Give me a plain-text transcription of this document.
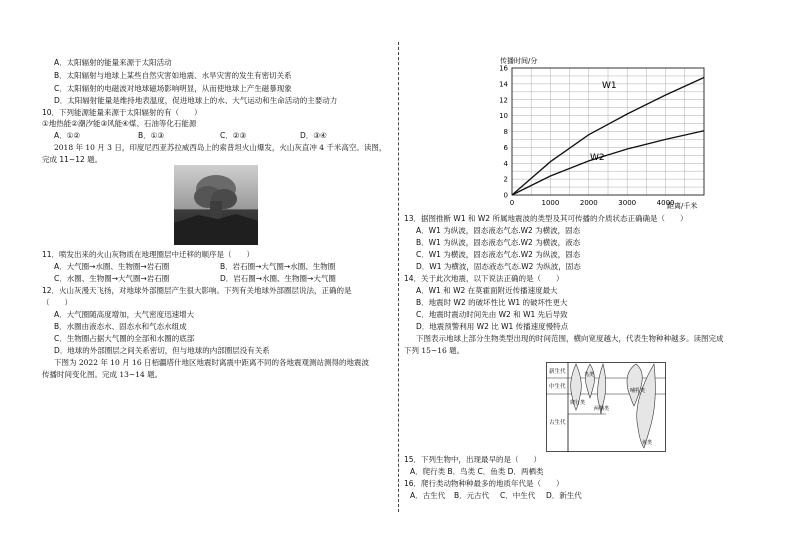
A．太阳辐射的能量来源于太阳活动
B．太阳辐射与地球上某些自然灾害如地震、水旱灾害的发生有密切关系
C．太阳辐射的电磁波对地球磁场影响明显，从而使地球上产生磁暴现象
D．太阳辐射能量是维持地表温度，促进地球上的水、大气运动和生命活动的主要动力
10．下列能源能量来源于太阳辐射的有（　　）
①地热能②潮汐能③风能④煤、石油等化石能源
A．①②	B．①③	C．②③	D．③④
2018 年 10 月 3 日，印度尼西亚苏拉威西岛上的索普坦火山爆发，火山灰直冲 4 千米高空。读图，
完成 11~12 题。
11．喷发出来的火山灰物质在地理圈层中迁移的顺序是（　　）
A．大气圈→水圈、生物圈→岩石圈	B．岩石圈→大气圈→水圈、生物圈
C．水圈、生物圈→大气圈→岩石圈	D．岩石圈→水圈、生物圈→大气圈
12．火山灰漫天飞扬，对地球外部圈层产生很大影响。下列有关地球外部圈层说法，正确的是
（　　）
A．大气圈随高度增加，大气密度迅速增大
B．水圈由液态水、固态水和气态水组成
C．生物圈占据大气圈的全部和水圈的底部
D．地球的外部圈层之间关系密切，但与地球的内部圈层没有关系
下图为 2022 年 10 月 16 日栢疆塔什地区地震时离震中距离不同的各地震观测站测得的地震波
传播时间变化图。完成 13~14 题。
传播时间/分
0
2
4
6
8
10
12
14
16
0	1000	2000	3000	4000
距离/千米
W1
W2
13．据图推断 W1 和 W2 所属地震波的类型及其可传播的介质状态正确确是（　　）
A．W1 为纵波，固态液态气态.W2 为横波，固态
B．W1 为纵波，固态液态气态.W2 为横波，液态
C．W1 为横波，固态液态气态.W2 为纵波，固态
D．W1 为横波，固态液态气态.W2 为纵波，固态
14．关于此次地震，以下说法正确的是（　　）
A．W1 和 W2 在莫霍面附近传播速度最大
B．地震时 W2 的破坏性比 W1 的破坏性更大
C．地震时震动时间先由 W2 和 W1 先后导致
D．地震预警利用 W2 比 W1 传播速度慢特点
下图表示地球上部分生物类型出现的时间范围，横向宽度越大，代表生物种种越多。读图完成
下列 15~16 题。
新生代
中生代
古生代
鸟类
爬行类
两栖类
哺乳类
鱼类
15．下列生物中，出现最早的是（　　）
A．爬行类 B．鸟类 C．鱼类 D．两栖类
16．爬行类动物种种最多的地质年代是（　　）
A．古生代 B．元古代 C．中生代 D．新生代
